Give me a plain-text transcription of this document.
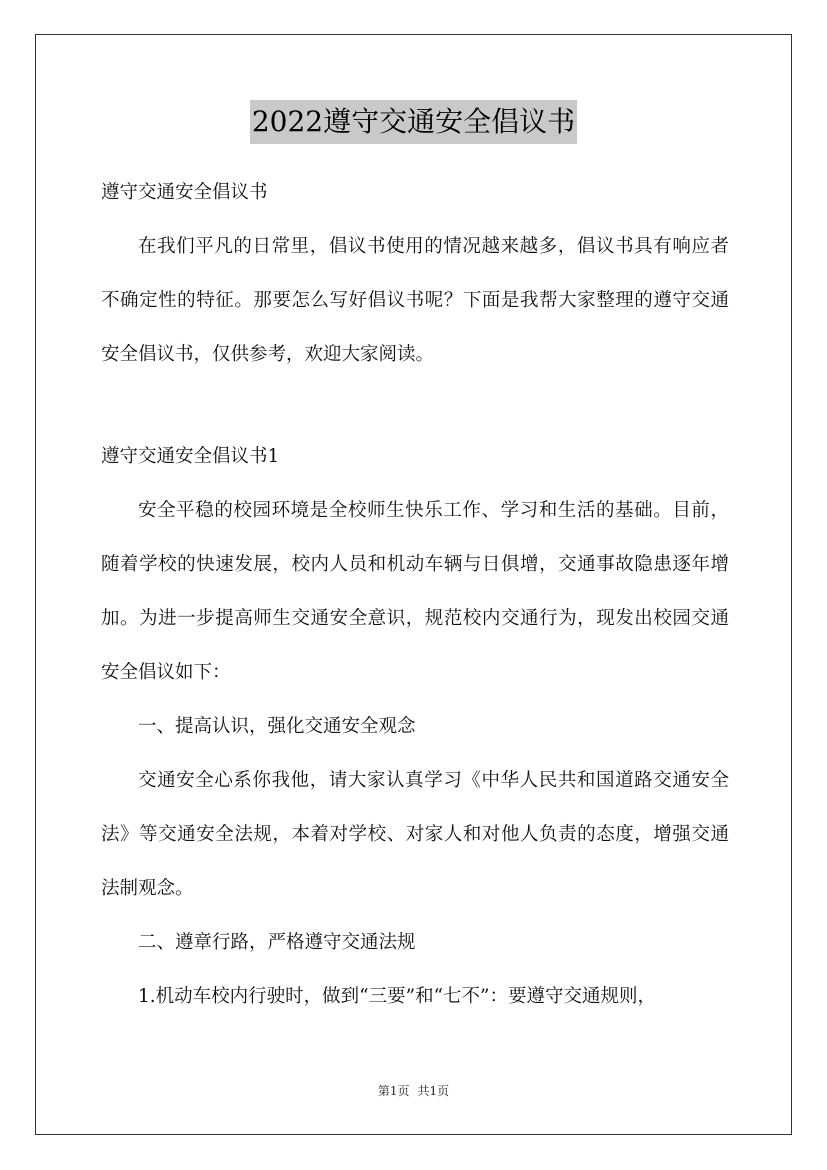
2022遵守交通安全倡议书

遵守交通安全倡议书

在我们平凡的日常里，倡议书使用的情况越来越多，倡议书具有响应者不确定性的特征。那要怎么写好倡议书呢？下面是我帮大家整理的遵守交通安全倡议书，仅供参考，欢迎大家阅读。

遵守交通安全倡议书1

安全平稳的校园环境是全校师生快乐工作、学习和生活的基础。目前，随着学校的快速发展，校内人员和机动车辆与日俱增，交通事故隐患逐年增加。为进一步提高师生交通安全意识，规范校内交通行为，现发出校园交通安全倡议如下：

一、提高认识，强化交通安全观念

交通安全心系你我他，请大家认真学习《中华人民共和国道路交通安全法》等交通安全法规，本着对学校、对家人和对他人负责的态度，增强交通法制观念。

二、遵章行路，严格遵守交通法规

1.机动车校内行驶时，做到“三要”和“七不”：要遵守交通规则，

第1页 共1页
